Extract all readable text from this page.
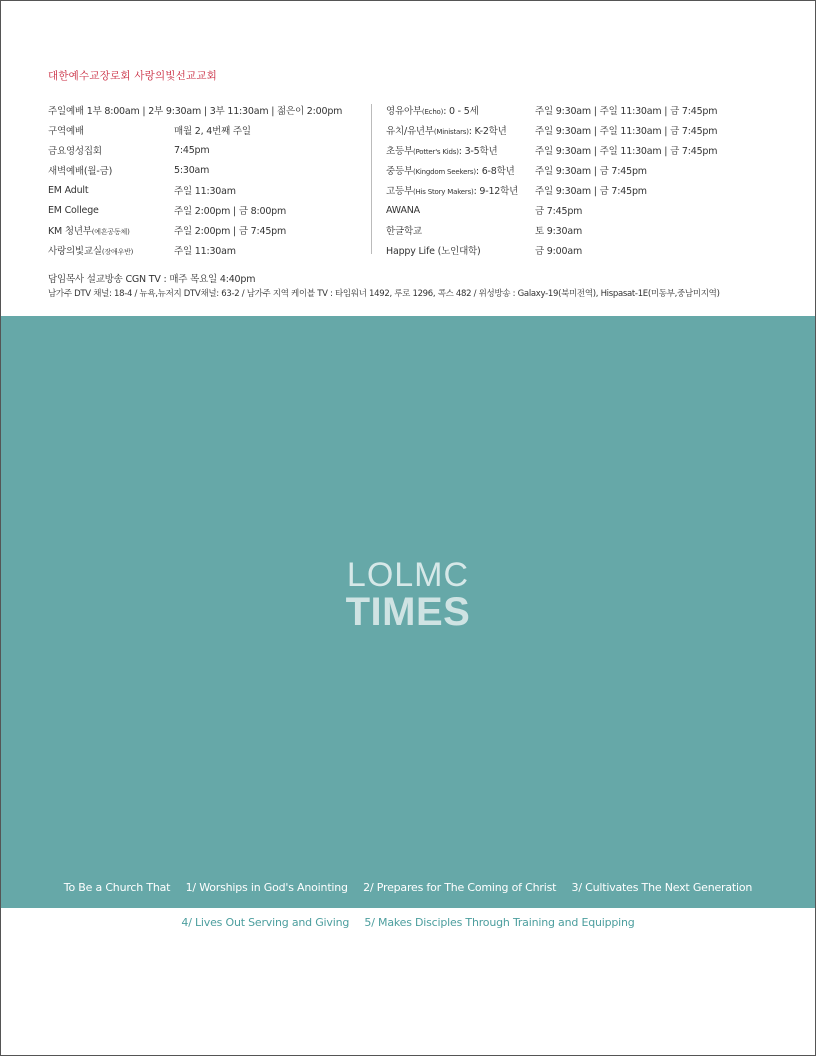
대한예수교장로회 사랑의빛선교교회
주일예배 1부 8:00am | 2부 9:30am | 3부 11:30am | 젊은이 2:00pm
구역예배	매월 2, 4번째 주일
금요영성집회	7:45pm
새벽예배(월-금)	5:30am
EM Adult	주일 11:30am
EM College	주일 2:00pm | 금 8:00pm
KM 청년부(예흔공동체)	주일 2:00pm | 금 7:45pm
사랑의빛교실(장애우반)	주일 11:30am
영유아부(Echo): 0 - 5세	주일 9:30am | 주일 11:30am | 금 7:45pm
유치/유년부(Ministars): K-2학년	주일 9:30am | 주일 11:30am | 금 7:45pm
초등부(Potter's Kids): 3-5학년	주일 9:30am | 주일 11:30am | 금 7:45pm
중등부(Kingdom Seekers): 6-8학년	주일 9:30am | 금 7:45pm
고등부(His Story Makers): 9-12학년	주일 9:30am | 금 7:45pm
AWANA	금 7:45pm
한글학교	토 9:30am
Happy Life (노인대학)	금 9:00am
담임목사 설교방송 CGN TV : 매주 목요일 4:40pm
남가주 DTV 채널: 18-4 / 뉴욕,뉴저지 DTV채널: 63-2 / 남가주 지역 케이블 TV : 타임워너 1492, 루로 1296, 콕스 482 / 위성방송 : Galaxy-19(북미전역), Hispasat-1E(미동부,중남미지역)
LOLMC
TIMES
To Be a Church That 1/ Worships in God's Anointing 2/ Prepares for The Coming of Christ 3/ Cultivates The Next Generation
4/ Lives Out Serving and Giving 5/ Makes Disciples Through Training and Equipping
